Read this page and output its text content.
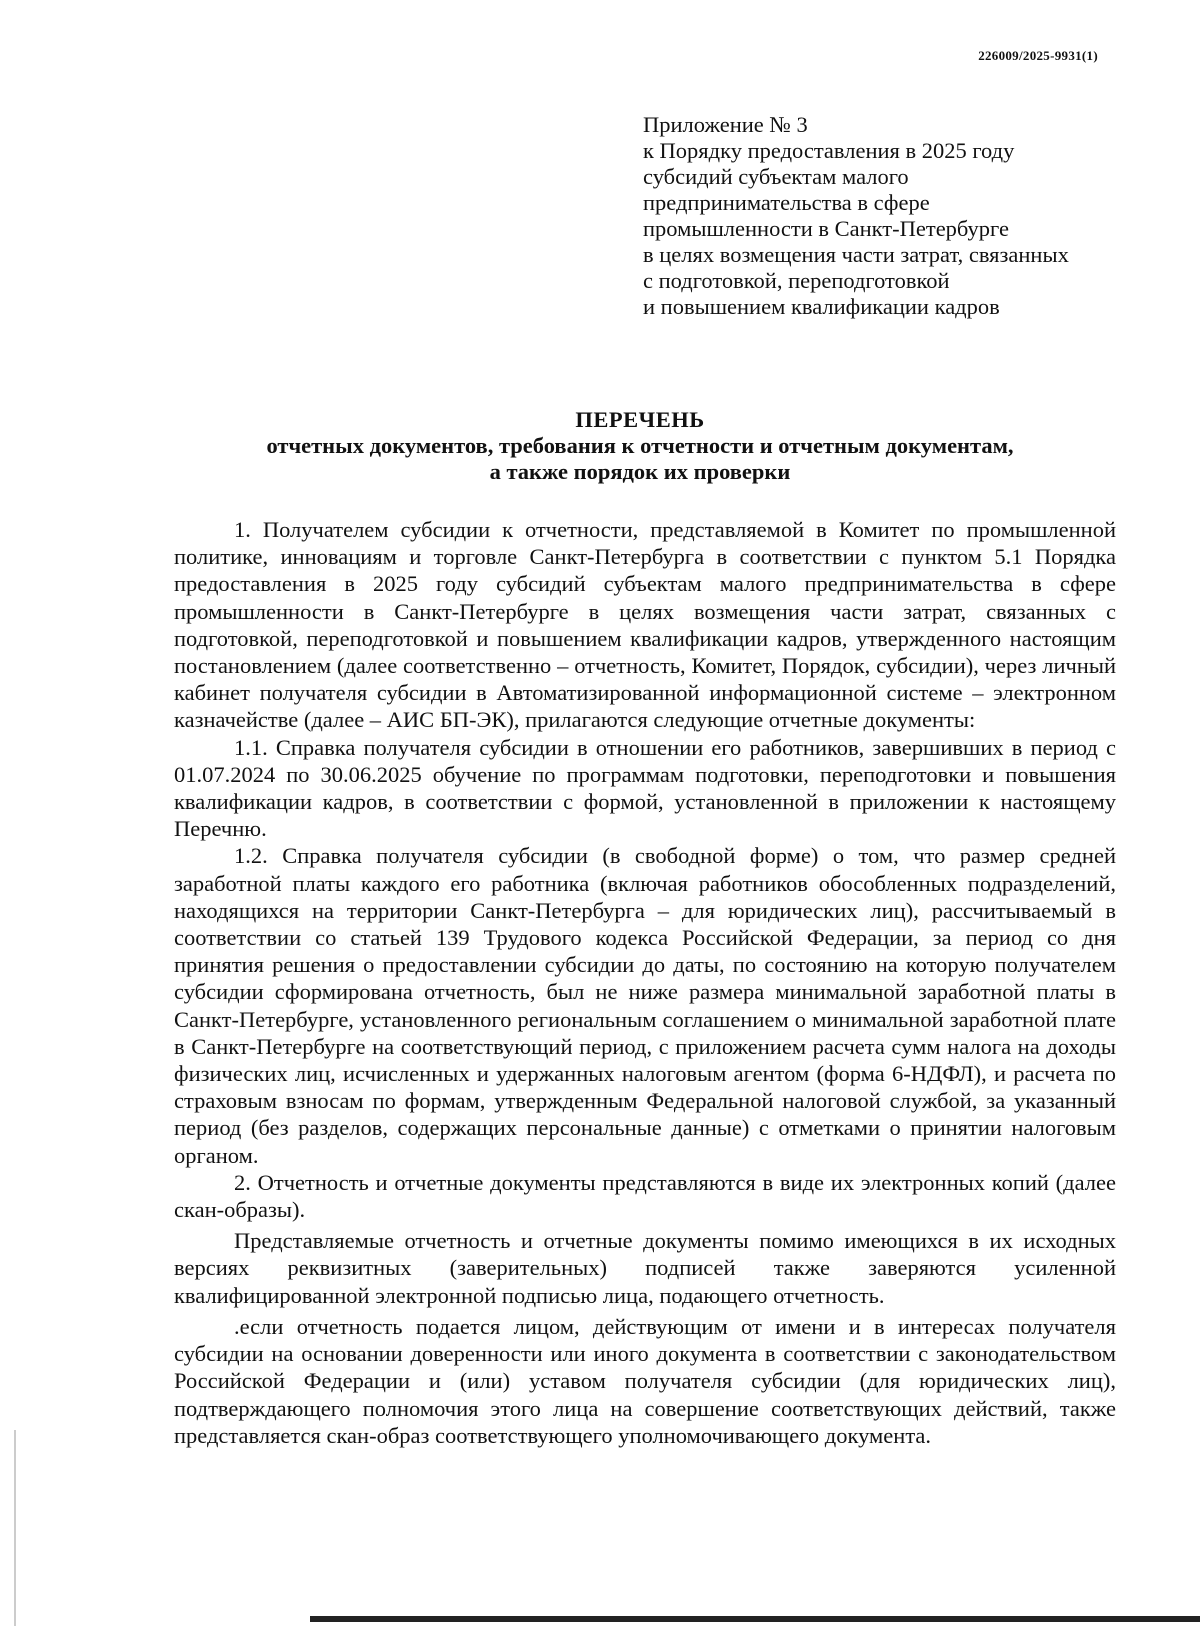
226009/2025-9931(1)
Приложение № 3
к Порядку предоставления в 2025 году
субсидий субъектам малого
предпринимательства в сфере
промышленности в Санкт-Петербурге
в целях возмещения части затрат, связанных
с подготовкой, переподготовкой
и повышением квалификации кадров
ПЕРЕЧЕНЬ
отчетных документов, требования к отчетности и отчетным документам,
а также порядок их проверки

1. Получателем субсидии к отчетности, представляемой в Комитет по промышленной политике, инновациям и торговле Санкт-Петербурга в соответствии с пунктом 5.1 Порядка предоставления в 2025 году субсидий субъектам малого предпринимательства в сфере промышленности в Санкт-Петербурге в целях возмещения части затрат, связанных с подготовкой, переподготовкой и повышением квалификации кадров, утвержденного настоящим постановлением (далее соответственно – отчетность, Комитет, Порядок, субсидии), через личный кабинет получателя субсидии в Автоматизированной информационной системе – электронном казначействе (далее – АИС БП-ЭК), прилагаются следующие отчетные документы:

1.1. Справка получателя субсидии в отношении его работников, завершивших в период с 01.07.2024 по 30.06.2025 обучение по программам подготовки, переподготовки и повышения квалификации кадров, в соответствии с формой, установленной в приложении к настоящему Перечню.

1.2. Справка получателя субсидии (в свободной форме) о том, что размер средней заработной платы каждого его работника (включая работников обособленных подразделений, находящихся на территории Санкт-Петербурга – для юридических лиц), рассчитываемый в соответствии со статьей 139 Трудового кодекса Российской Федерации, за период со дня принятия решения о предоставлении субсидии до даты, по состоянию на которую получателем субсидии сформирована отчетность, был не ниже размера минимальной заработной платы в Санкт-Петербурге, установленного региональным соглашением о минимальной заработной плате в Санкт-Петербурге на соответствующий период, с приложением расчета сумм налога на доходы физических лиц, исчисленных и удержанных налоговым агентом (форма 6-НДФЛ), и расчета по страховым взносам по формам, утвержденным Федеральной налоговой службой, за указанный период (без разделов, содержащих персональные данные) с отметками о принятии налоговым органом.

2. Отчетность и отчетные документы представляются в виде их электронных копий (далее скан-образы).

Представляемые отчетность и отчетные документы помимо имеющихся в их исходных версиях реквизитных (заверительных) подписей также заверяются усиленной квалифицированной электронной подписью лица, подающего отчетность.

.если отчетность подается лицом, действующим от имени и в интересах получателя субсидии на основании доверенности или иного документа в соответствии с законодательством Российской Федерации и (или) уставом получателя субсидии (для юридических лиц), подтверждающего полномочия этого лица на совершение соответствующих действий, также представляется скан-образ соответствующего уполномочивающего документа.
